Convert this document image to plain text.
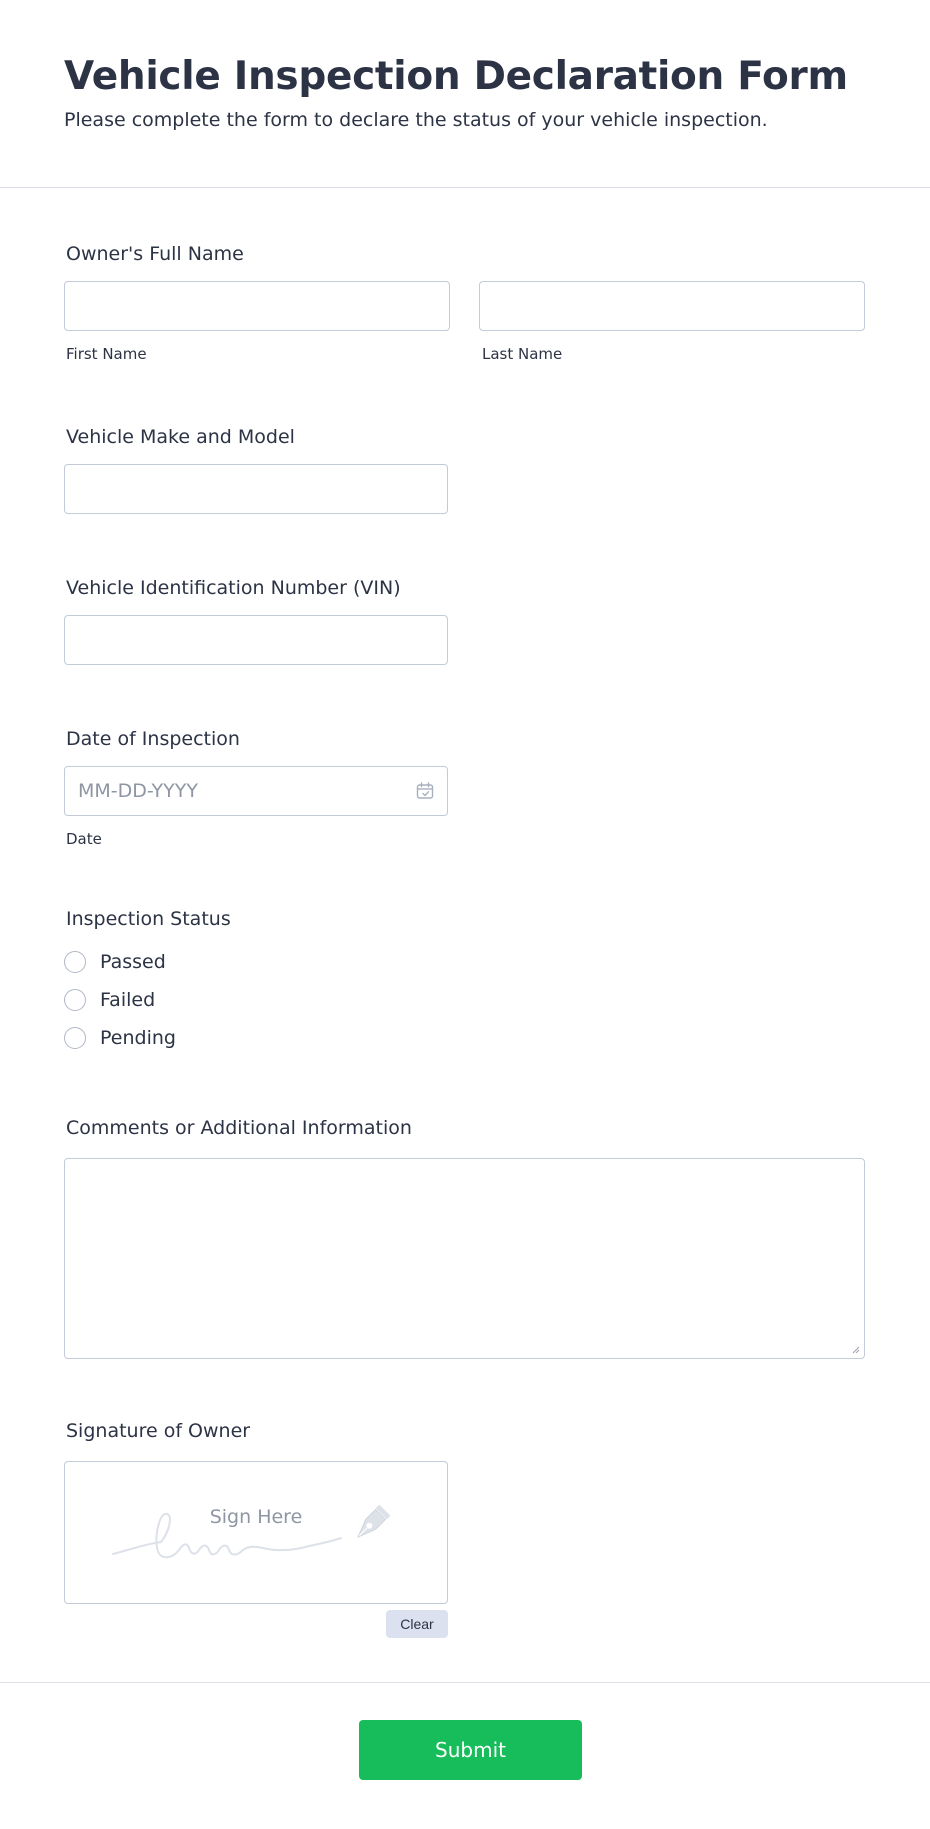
Vehicle Inspection Declaration Form

Please complete the form to declare the status of your vehicle inspection.

Owner's Full Name
First Name	Last Name
Vehicle Make and Model
Vehicle Identification Number (VIN)
Date of Inspection
MM-DD-YYYY
Date
Inspection Status
Passed
Failed
Pending
Comments or Additional Information
Signature of Owner
Sign Here
Clear
Submit
